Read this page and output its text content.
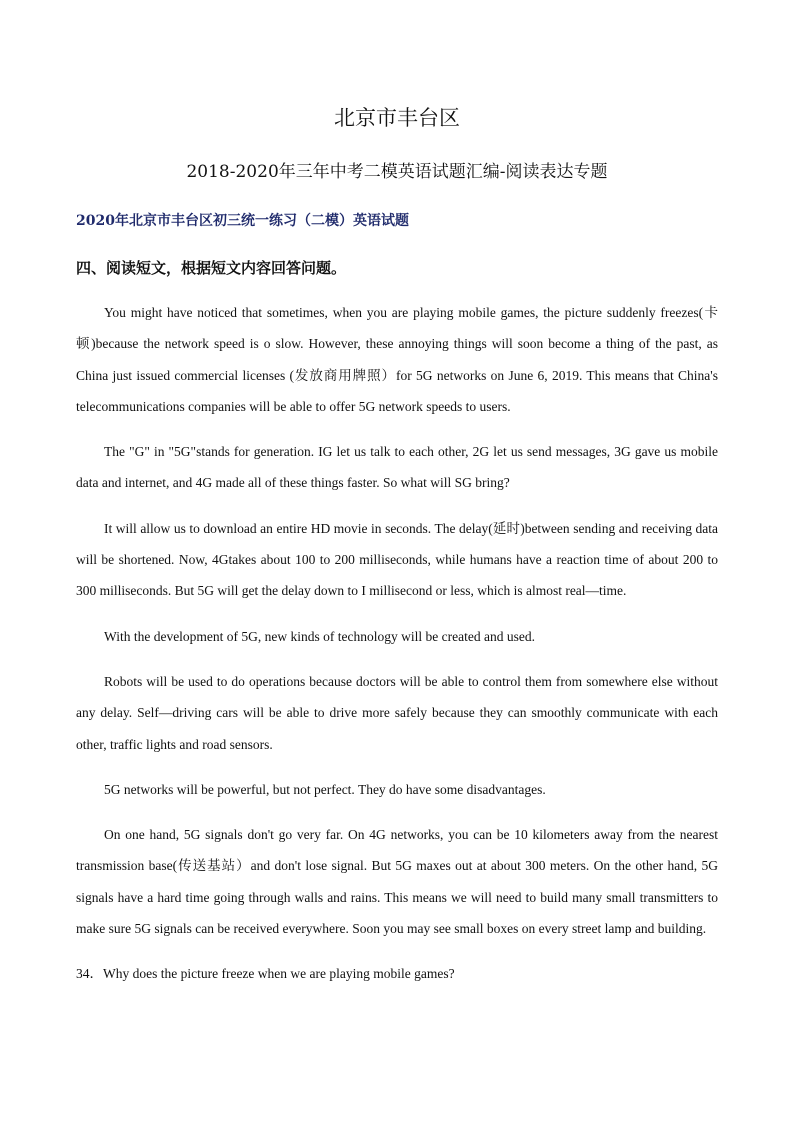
北京市丰台区
2018-2020年三年中考二模英语试题汇编-阅读表达专题
2020年北京市丰台区初三统一练习（二模）英语试题
四、阅读短文，根据短文内容回答问题。

You might have noticed that sometimes, when you are playing mobile games, the picture suddenly freezes(卡顿)because the network speed is o slow. However, these annoying things will soon become a thing of the past, as China just issued commercial licenses (发放商用牌照）for 5G networks on June 6, 2019. This means that China's telecommunications companies will be able to offer 5G network speeds to users.

The "G" in "5G"stands for generation. IG let us talk to each other, 2G let us send messages, 3G gave us mobile data and internet, and 4G made all of these things faster. So what will SG bring?

It will allow us to download an entire HD movie in seconds. The delay(延时)between sending and receiving data will be shortened. Now, 4Gtakes about 100 to 200 milliseconds, while humans have a reaction time of about 200 to 300 milliseconds. But 5G will get the delay down to I millisecond or less, which is almost real—time.

With the development of 5G, new kinds of technology will be created and used.

Robots will be used to do operations because doctors will be able to control them from somewhere else without any delay. Self—driving cars will be able to drive more safely because they can smoothly communicate with each other, traffic lights and road sensors.

5G networks will be powerful, but not perfect. They do have some disadvantages.

On one hand, 5G signals don't go very far. On 4G networks, you can be 10 kilometers away from the nearest transmission base(传送基站）and don't lose signal. But 5G maxes out at about 300 meters. On the other hand, 5G signals have a hard time going through walls and rains. This means we will need to build many small transmitters to make sure 5G signals can be received everywhere. Soon you may see small boxes on every street lamp and building.

34．Why does the picture freeze when we are playing mobile games?
